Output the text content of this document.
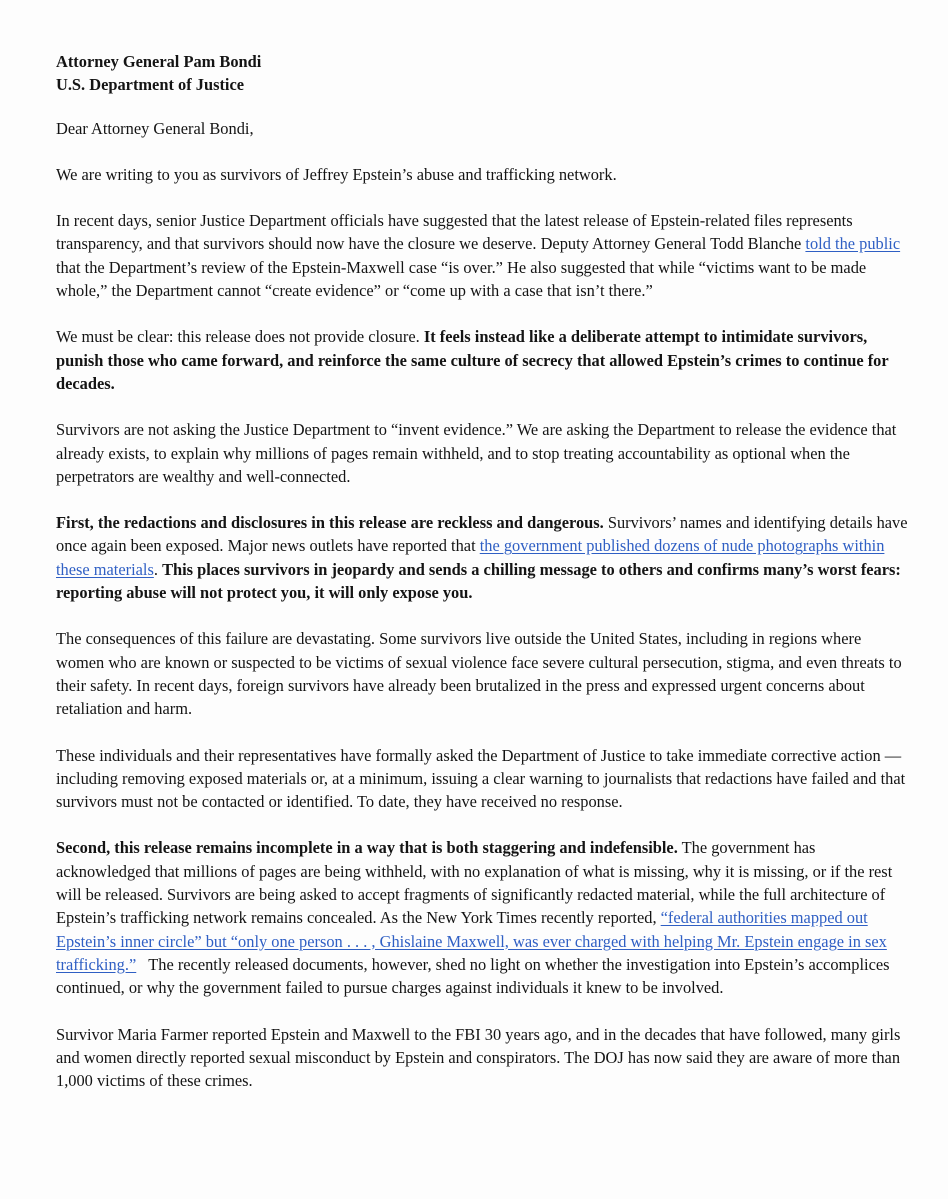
Attorney General Pam Bondi
U.S. Department of Justice

Dear Attorney General Bondi,

We are writing to you as survivors of Jeffrey Epstein’s abuse and trafficking network.

In recent days, senior Justice Department officials have suggested that the latest release of Epstein-related files represents transparency, and that survivors should now have the closure we deserve. Deputy Attorney General Todd Blanche told the public that the Department’s review of the Epstein-Maxwell case “is over.” He also suggested that while “victims want to be made whole,” the Department cannot “create evidence” or “come up with a case that isn’t there.”

We must be clear: this release does not provide closure. It feels instead like a deliberate attempt to intimidate survivors, punish those who came forward, and reinforce the same culture of secrecy that allowed Epstein’s crimes to continue for decades.

Survivors are not asking the Justice Department to “invent evidence.” We are asking the Department to release the evidence that already exists, to explain why millions of pages remain withheld, and to stop treating accountability as optional when the perpetrators are wealthy and well-connected.

First, the redactions and disclosures in this release are reckless and dangerous. Survivors’ names and identifying details have once again been exposed. Major news outlets have reported that the government published dozens of nude photographs within these materials. This places survivors in jeopardy and sends a chilling message to others and confirms many’s worst fears: reporting abuse will not protect you, it will only expose you.

The consequences of this failure are devastating. Some survivors live outside the United States, including in regions where women who are known or suspected to be victims of sexual violence face severe cultural persecution, stigma, and even threats to their safety. In recent days, foreign survivors have already been brutalized in the press and expressed urgent concerns about retaliation and harm.

These individuals and their representatives have formally asked the Department of Justice to take immediate corrective action — including removing exposed materials or, at a minimum, issuing a clear warning to journalists that redactions have failed and that survivors must not be contacted or identified. To date, they have received no response.

Second, this release remains incomplete in a way that is both staggering and indefensible. The government has acknowledged that millions of pages are being withheld, with no explanation of what is missing, why it is missing, or if the rest will be released. Survivors are being asked to accept fragments of significantly redacted material, while the full architecture of Epstein’s trafficking network remains concealed. As the New York Times recently reported, “federal authorities mapped out Epstein’s inner circle” but “only one person . . . , Ghislaine Maxwell, was ever charged with helping Mr. Epstein engage in sex trafficking.”   The recently released documents, however, shed no light on whether the investigation into Epstein’s accomplices continued, or why the government failed to pursue charges against individuals it knew to be involved.

Survivor Maria Farmer reported Epstein and Maxwell to the FBI 30 years ago, and in the decades that have followed, many girls and women directly reported sexual misconduct by Epstein and conspirators. The DOJ has now said they are aware of more than 1,000 victims of these crimes.
